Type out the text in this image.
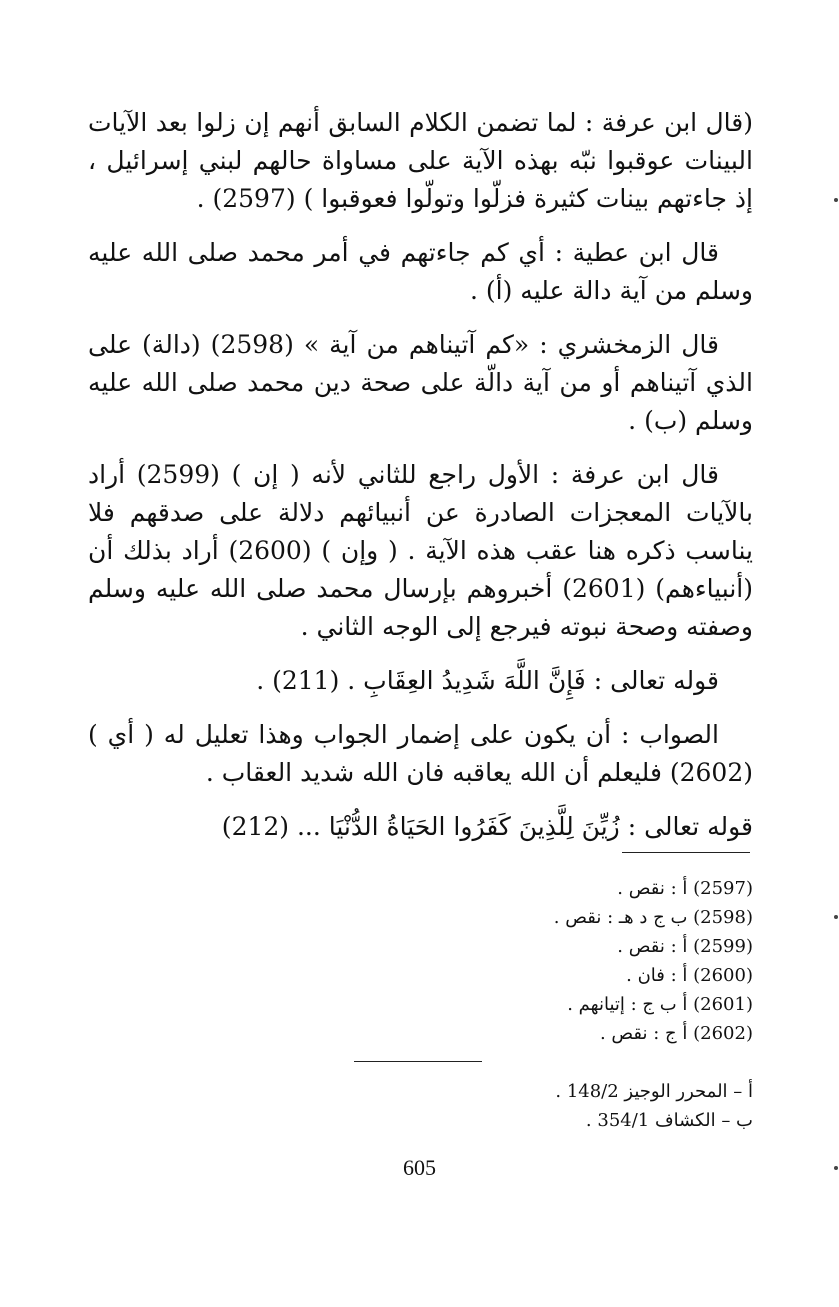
(قال ابن عرفة : لما تضمن الكلام السابق أنهم إن زلوا بعد الآيات البينات عوقبوا نبّه بهذه الآية على مساواة حالهم لبني إسرائيل ، إذ جاءتهم بينات كثيرة فزلّوا وتولّوا فعوقبوا ) (2597) .

قال ابن عطية : أي كم جاءتهم في أمر محمد صلى الله عليه وسلم من آية دالة عليه (أ) .

قال الزمخشري : «كم آتيناهم من آية » (2598) (دالة) على الذي آتيناهم أو من آية دالّة على صحة دين محمد صلى الله عليه وسلم (ب) .

قال ابن عرفة : الأول راجع للثاني لأنه ( إن ) (2599) أراد بالآيات المعجزات الصادرة عن أنبيائهم دلالة على صدقهم فلا يناسب ذكره هنا عقب هذه الآية . ( وإن ) (2600) أراد بذلك أن (أنبياءهم) (2601) أخبروهم بإرسال محمد صلى الله عليه وسلم وصفته وصحة نبوته فيرجع إلى الوجه الثاني .

قوله تعالى : فَإِنَّ اللَّهَ شَدِيدُ العِقَابِ . (211) .

الصواب : أن يكون على إضمار الجواب وهذا تعليل له ( أي ) (2602) فليعلم أن الله يعاقبه فان الله شديد العقاب .

قوله تعالى : زُيِّنَ لِلَّذِينَ كَفَرُوا الحَيَاةُ الدُّنْيَا ... (212)

(2597) أ : نقص .
(2598) ب ج د هـ : نقص .
(2599) أ : نقص .
(2600) أ : فان .
(2601) أ ب ج : إتيانهم .
(2602) أ ج : نقص .
أ – المحرر الوجيز 148/2 .
ب – الكشاف 354/1 .
605
